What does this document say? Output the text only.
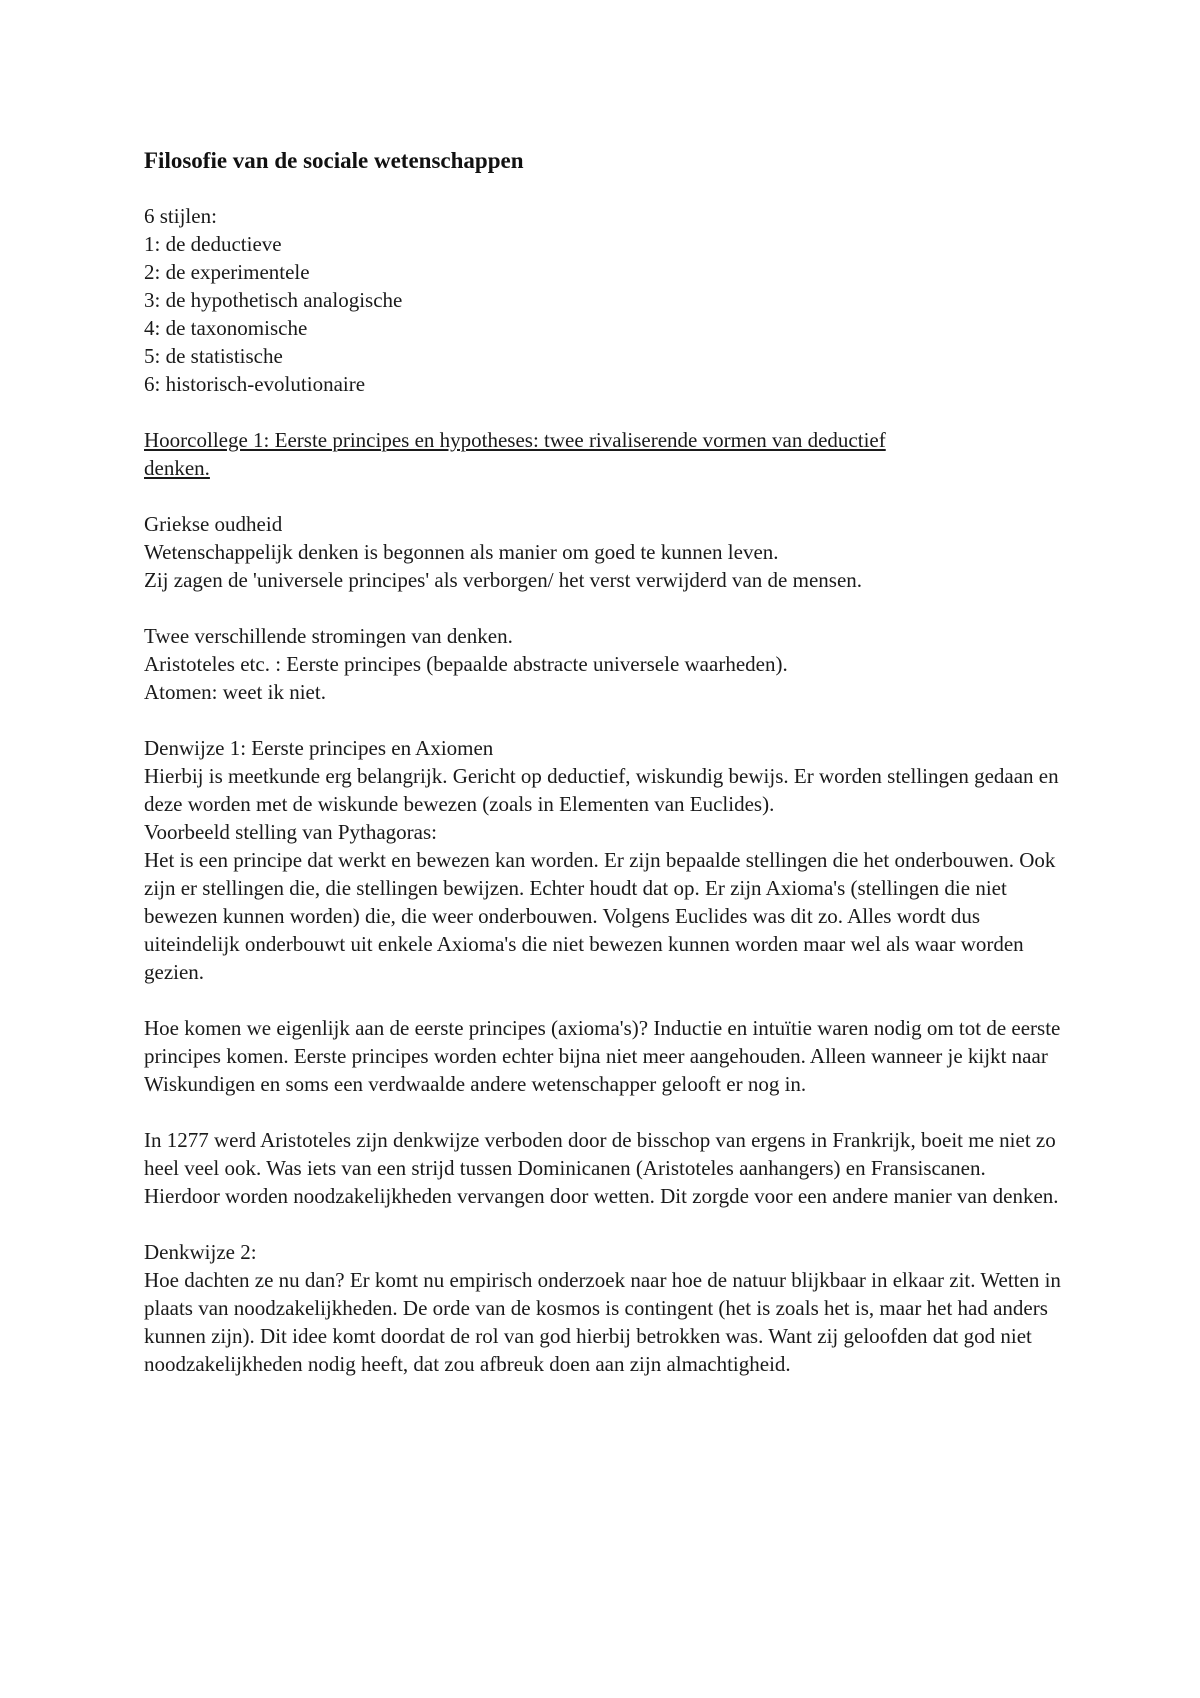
Filosofie van de sociale wetenschappen
6 stijlen:
1: de deductieve
2: de experimentele
3: de hypothetisch analogische
4: de taxonomische
5: de statistische
6: historisch-evolutionaire
Hoorcollege 1: Eerste principes en hypotheses: twee rivaliserende vormen van deductief denken.
Griekse oudheid
Wetenschappelijk denken is begonnen als manier om goed te kunnen leven.
Zij zagen de 'universele principes' als verborgen/ het verst verwijderd van de mensen.
Twee verschillende stromingen van denken.
Aristoteles etc. : Eerste principes (bepaalde abstracte universele waarheden).
Atomen: weet ik niet.
Denwijze 1: Eerste principes en Axiomen
Hierbij is meetkunde erg belangrijk. Gericht op deductief, wiskundig bewijs. Er worden stellingen gedaan en deze worden met de wiskunde bewezen (zoals in Elementen van Euclides).
Voorbeeld stelling van Pythagoras:
Het is een principe dat werkt en bewezen kan worden. Er zijn bepaalde stellingen die het onderbouwen. Ook zijn er stellingen die, die stellingen bewijzen. Echter houdt dat op. Er zijn Axioma's (stellingen die niet bewezen kunnen worden) die, die weer onderbouwen. Volgens Euclides was dit zo. Alles wordt dus uiteindelijk onderbouwt uit enkele Axioma's die niet bewezen kunnen worden maar wel als waar worden gezien.
Hoe komen we eigenlijk aan de eerste principes (axioma's)? Inductie en intuïtie waren nodig om tot de eerste principes komen. Eerste principes worden echter bijna niet meer aangehouden. Alleen wanneer je kijkt naar Wiskundigen en soms een verdwaalde andere wetenschapper gelooft er nog in.
In 1277 werd Aristoteles zijn denkwijze verboden door de bisschop van ergens in Frankrijk, boeit me niet zo heel veel ook. Was iets van een strijd tussen Dominicanen (Aristoteles aanhangers) en Fransiscanen. Hierdoor worden noodzakelijkheden vervangen door wetten. Dit zorgde voor een andere manier van denken.
Denkwijze 2:
Hoe dachten ze nu dan? Er komt nu empirisch onderzoek naar hoe de natuur blijkbaar in elkaar zit. Wetten in plaats van noodzakelijkheden. De orde van de kosmos is contingent (het is zoals het is, maar het had anders kunnen zijn). Dit idee komt doordat de rol van god hierbij betrokken was. Want zij geloofden dat god niet noodzakelijkheden nodig heeft, dat zou afbreuk doen aan zijn almachtigheid.
